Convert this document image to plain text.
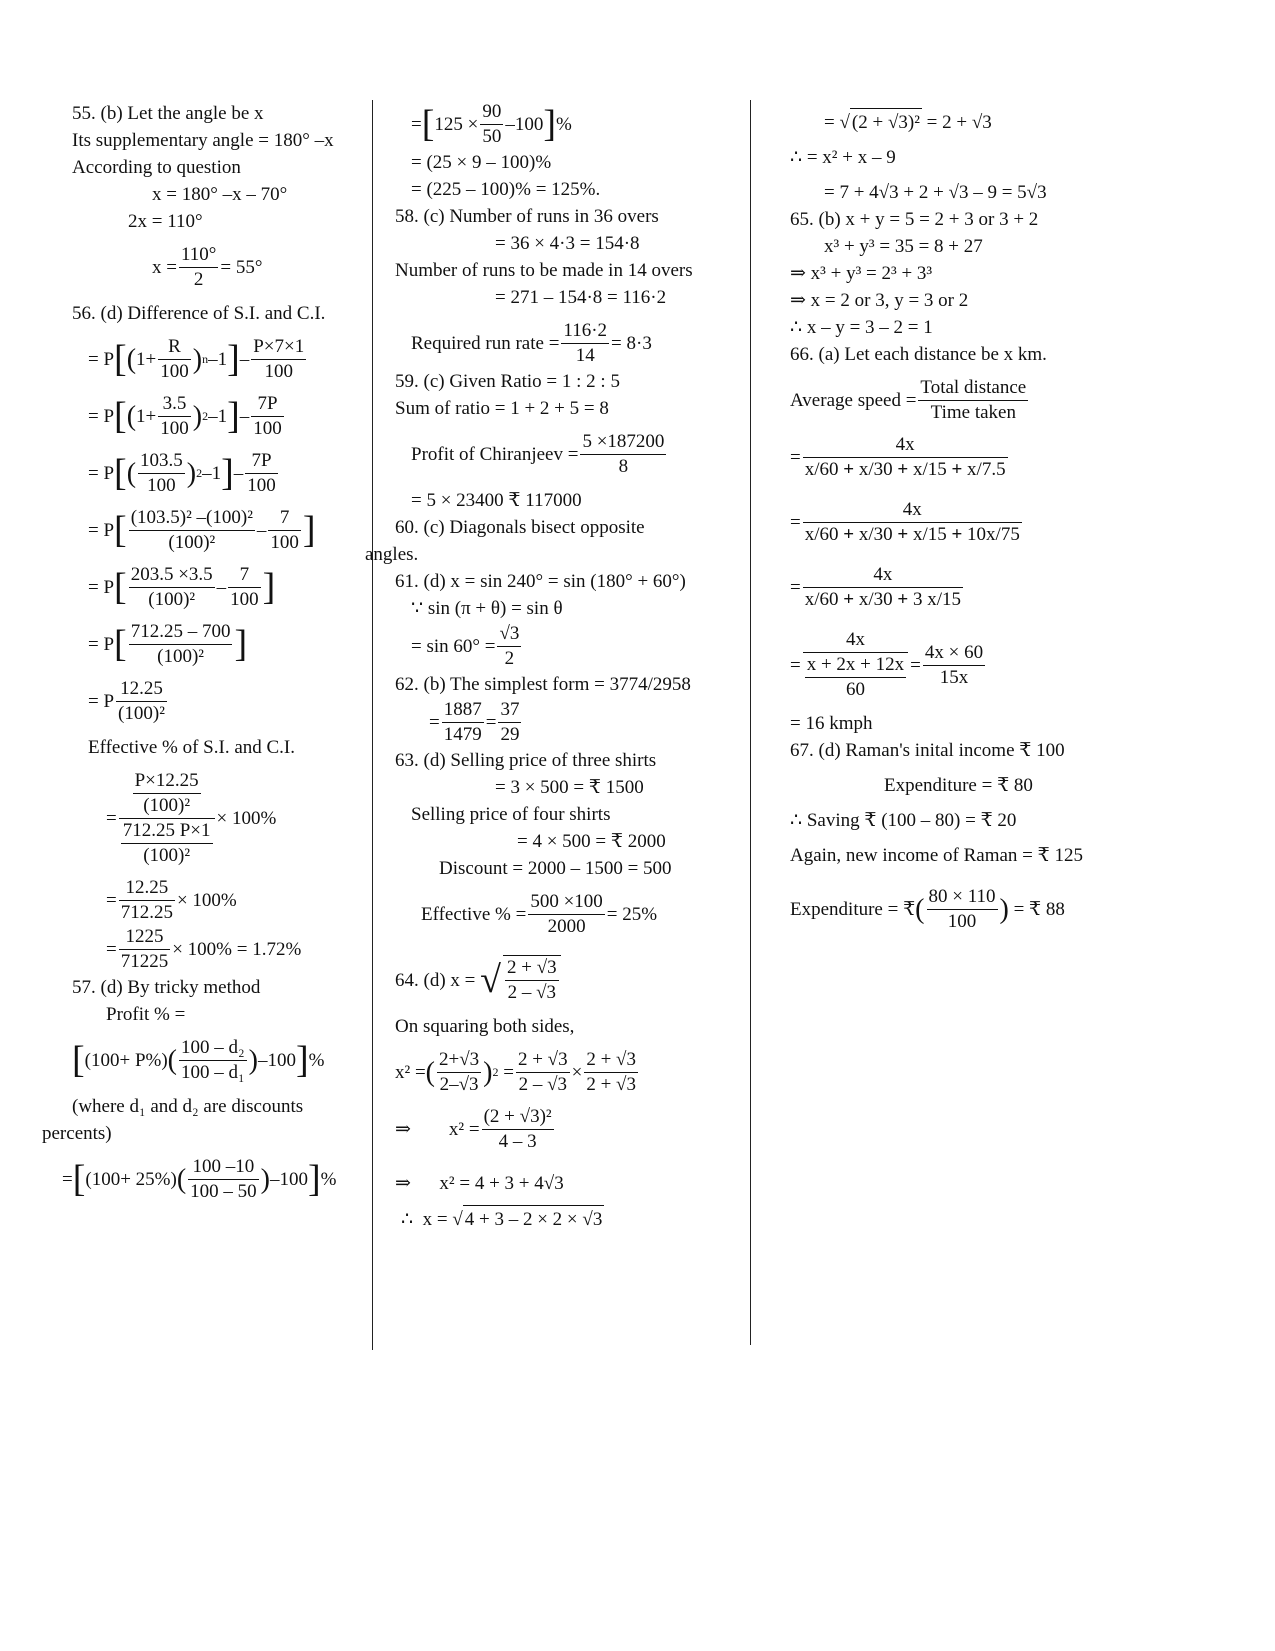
55. (b) Let the angle be x
Its supplementary angle = 180° –x
According to question
x = 180° –x – 70°
2x = 110°
$x = \frac{110^\circ}{2} = 55^\circ$
56. (d) Difference of S.I. and C.I.
= P [ ( $1+ \frac{R}{100}$ ) n –1 ] – $\frac{P\times 7\times 1}{100}$
= P [ ( $1+ \frac{3.5}{100}$ ) 2 –1 ] – $\frac{7P}{100}$
= P [ ( $\frac{103.5}{100}$ ) 2 –1 ] – $\frac{7P}{100}$
= P [ $\frac{\text{(103.5)² –(100)²}}{\text{(100)²}} - \frac{7}{100}$ ]
= P [ $\frac{203.5 \times 3.5}{\text{(100)²}} - \frac{7}{100}$ ]
= P [ $\frac{712.25 - 700}{\text{(100)²}}$ ]
= P $\frac{12.25}{\text{(100)²}}$
Effective % of S.I. and C.I.
= $\frac{\frac{P\times 12.25}{\text{(100)²}}}{\frac{712.25 P\times 1}{\text{(100)²}}} \times 100\%$
= $\frac{12.25}{712.25} \times 100\%$
= $\frac{1225}{71225} \times 100\%$
= 1.72%
57. (d) By tricky method
Profit % =
[ (100+ P%) ( $\frac{\text{100 – d₂}}{\text{100 – d₁}}$ ) –100 ] %
(where d₁ and d₂ are discounts
percents)
= [ (100+ 25%) ( $\frac{100 -10}{100 - 50}$ ) –100 ] %
= [ $125 \times \frac{90}{50} -100$ ] %
= (25 × 9 – 100)%
= (225 – 100)% = 125%.
58. (c) Number of runs in 36 overs
= 36 × 4·3 = 154·8
Number of runs to be made in 14 overs
= 271 – 154·8 = 116·2
Required run rate = $\frac{116\cdot 2}{14} = 8\cdot 3$
59. (c) Given Ratio = 1 : 2 : 5
Sum of ratio = 1 + 2 + 5 = 8
Profit of Chiranjeev = $\frac{5 \times 187200}{8}$
= 5 × 23400 ₹ 117000
60. (c) Diagonals bisect opposite
angles.
61. (d) x = sin 240° = sin (180° + 60°)
∵ sin (π + θ) = sin θ
= $\sin 60^\circ = \frac{√3}{2}$
62. (b) The simplest form = 3774/2958
= $\frac{1887}{1479} = \frac{37}{29}$
63. (d) Selling price of three shirts
= 3 × 500 = ₹ 1500
Selling price of four shirts
= 4 × 500 = ₹ 2000
Discount = 2000 – 1500 = 500
Effective % = $\frac{500 \times 100}{2000} = 25\%$
64. (d) x =
√ $\frac{2 + √3}{2 - √3}$
On squaring both sides,
x² = ( $\frac{2+√3}{2-√3}$ ) 2
= $\frac{2 + √3}{2 - √3} \times \frac{2 + √3}{2 + √3}$
⇒
$x^2 = \frac{\text{(2 + √3)²}}{4 - 3}$
⇒
x² = 4 + 3 + 4√3
∴
x = √ 4 + 3 – 2 × 2 × √3
= √ (2 + √3)²
= 2 + √3
∴ = x² + x – 9
= 7 + 4√3 + 2 + √3 – 9 = 5√3
65. (b) x + y = 5 = 2 + 3 or 3 + 2
x³ + y³ = 35 = 8 + 27
⇒ x³ + y³ = 2³ + 3³
⇒ x = 2 or 3, y = 3 or 2
∴ x – y = 3 – 2 = 1
66. (a) Let each distance be x km.
Average speed = $\frac{\text{Total distance}}{\text{Time taken}}$
= $\frac{4x}{x/60 + x/30 + x/15 + x/7.5}$
= $\frac{4x}{x/60 + x/30 + x/15 + 10x/75}$
= $\frac{4x}{x/60 + x/30 + 3 x/15}$
= $\frac{4x}{\frac{x + 2x + 12x}{60}} = \frac{4x \times 60}{15x}$
= 16 kmph
67. (d) Raman's inital income ₹ 100
Expenditure = ₹ 80
∴ Saving ₹ (100 – 80) = ₹ 20
Again, new income of Raman = ₹ 125
Expenditure = ₹ ( $\frac{80 \times 110}{100}$ )
= ₹ 88
